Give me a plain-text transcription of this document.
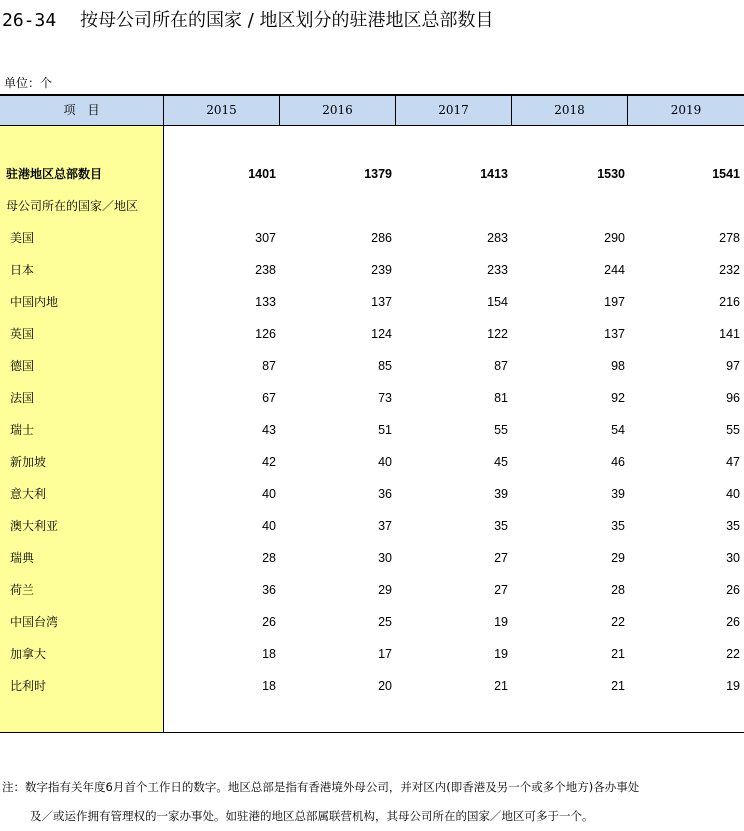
26-34 按母公司所在的国家 / 地区划分的驻港地区总部数目
单位：个
项　目	2015	2016	2017	2018	2019
驻港地区总部数目	1401	1379	1413	1530	1541
母公司所在的国家／地区
美国	307	286	283	290	278
日本	238	239	233	244	232
中国内地	133	137	154	197	216
英国	126	124	122	137	141
德国	87	85	87	98	97
法国	67	73	81	92	96
瑞士	43	51	55	54	55
新加坡	42	40	45	46	47
意大利	40	36	39	39	40
澳大利亚	40	37	35	35	35
瑞典	28	30	27	29	30
荷兰	36	29	27	28	26
中国台湾	26	25	19	22	26
加拿大	18	17	19	21	22
比利时	18	20	21	21	19
注：数字指有关年度6月首个工作日的数字。地区总部是指有香港境外母公司，并对区内(即香港及另一个或多个地方)各办事处
及／或运作拥有管理权的一家办事处。如驻港的地区总部属联营机构，其母公司所在的国家／地区可多于一个。
